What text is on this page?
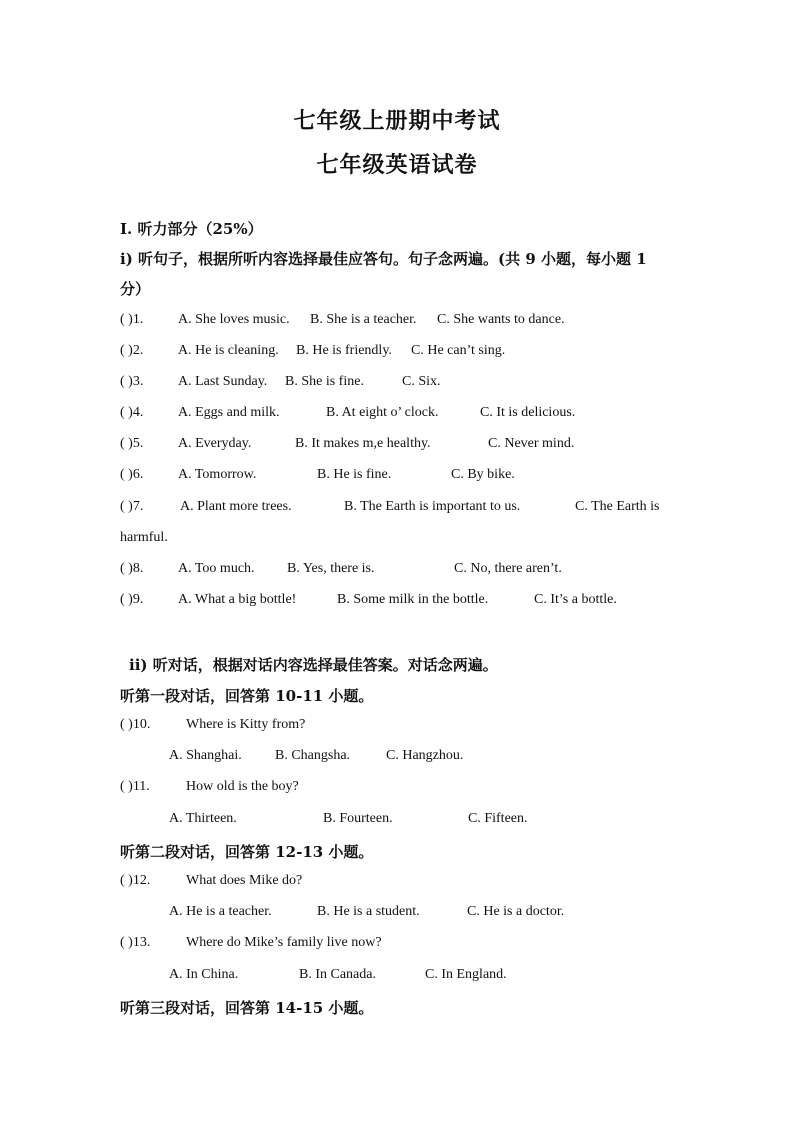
七年级上册期中考试
七年级英语试卷
I. 听力部分（25%）
i) 听句子，根据所听内容选择最佳应答句。句子念两遍。(共 9 小题，每小题 1
分）
( )1. A. She loves music. B. She is a teacher. C. She wants to dance.
( )2. A. He is cleaning. B. He is friendly. C. He can’t sing.
( )3. A. Last Sunday. B. She is fine.	C. Six.
( )4. A. Eggs and milk.	B. At eight o’ clock.	C. It is delicious.
( )5. A. Everyday.	B. It makes m,e healthy.	C. Never mind.
( )6. A. Tomorrow.	B. He is fine.	C. By bike.
( )7.	A. Plant more trees.	B. The Earth is important to us.	C. The Earth is
harmful.
( )8. A. Too much. B. Yes, there is.	C. No, there aren’t.
( )9. A. What a big bottle!	B. Some milk in the bottle.	C. It’s a bottle.
ii) 听对话，根据对话内容选择最佳答案。对话念两遍。
听第一段对话，回答第 10-11 小题。
( )10.	Where is Kitty from?
A. Shanghai. B. Changsha.	C. Hangzhou.
( )11.	How old is the boy?
A. Thirteen.	B. Fourteen.	C. Fifteen.
听第二段对话，回答第 12-13 小题。
( )12.	What does Mike do?
A. He is a teacher.	B. He is a student.	C. He is a doctor.
( )13.	Where do Mike’s family live now?
A. In China.	B. In Canada.	C. In England.
听第三段对话，回答第 14-15 小题。
